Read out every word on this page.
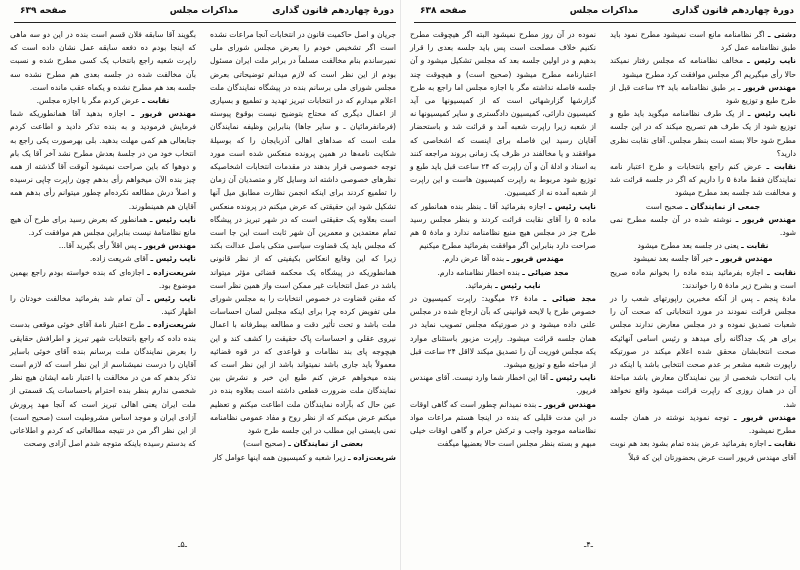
دورهٔ چهاردهم قانون گذاری
مذاکرات مجلس
صفحه ۶۳۹

جریان و اصل حاکمیت قانون در انتخابات آنجا مراعات نشده است اگر تشخیص خودم را بعرض مجلس شورای ملی نمیرساندم بنام مخالفت مسلماً در برابر ملت ایران مسئول بودم از این نظر است که لازم میدانم توضیحاتی بعرض مجلس شورای ملی برسانم بنده در پیشگاه نمایندگان ملت اعلام میدارم که در انتخابات تبریز تهدید و تطمیع و بسیاری از اعمال دیگری که محتاج بتوضیح نیست بوقوع پیوسته (فرمانفرمائیان ـ و سایر جاها) بنابراین وظیفه نمایندگان ملت است که صداهای اهالی آذربایجان را که بوسیلهٔ شکایت نامه‌ها در همین پرونده منعکس شده است مورد توجه خصوصی قرار بدهند در مقدمات انتخابات اشخاصیکه نظرهای خصوصی داشته اند وسایل کار و متصدیان آن زمان را تطمیع کردند برای اینکه انجمن نظارت مطابق میل آنها تشکیل شود این حقیقتی که عرض میکنم در پرونده منعکس است بعلاوه یک حقیقتی است که در شهر تبریز در پیشگاه تمام معتمدین و معمرین آن شهر ثابت است این جا است که مجلس باید یک قضاوت سیاسی متکی باصل عدالت بکند زیرا که این وقایع انعکاس بکیفیتی که از نظر قانونی همانطوریکه در پیشگاه یک محکمه قضائی مؤثر میتواند باشد در عمل انتخابات غیر ممکن است واز همین نظر است که مقنن قضاوت در خصوص انتخابات را به مجلس شورای ملی تفویض کرده چرا برای اینکه مجلس لسان احساسات ملت باشد و تحت تأثیر دقت و مطالعه بیطرفانه با اعمال نیروی عقلی و احساسات پاک حقیقت را کشف کند و این هیچوجه پای بند نظامات و قواعدی که در قوه قضائیه معمولاً باید جاری باشد نمیتواند باشد از این نظر است که بنده میخواهم عرض کنم طبع این خبر و نشرش بین نمایندگان ملت ضرورت قطعی داشته است بعلاوه بنده در عین حال که بآراده نمایندگان ملت اطاعت میکنم و تعظیم میکنم عرض میکنم که از نظر روح و مفاد عمومی نظامنامه نمی بایستی این مطلب در این جلسه طرح شود

بعضی از نمایندگان ـ (صحیح است)

شریعت‌زاده ـ زیرا شعبه و کمیسیون همه اینها عوامل کار

بگویند آقا سابقه فلان قسم است بنده در این دو سه ماهی که اینجا بودم ده دفعه سابقه عمل نشان داده است که راپرت شعبه راجع بانتخاب یک کسی مطرح شده و نسبت بآن مخالفت شده در جلسه بعدی هم مطرح نشده سه جلسه بعد هم مطرح نشده و یکماه عقب مانده است.

نقابت ـ عرض کردم مگر با اجازه مجلس.

مهندس فریور ـ اجازه بدهید آقا همانطوریکه شما فرمایش فرمودید و به بنده تذکر دادید و اطاعت کردم جنابعالی هم کمی مهلت بدهید. بلی بهرصورت یکی راجع به انتخاب خود من در جلسهٔ بعدش مطرح نشد آخر آقا یک بام و دوهوا که باین صراحت نمیشود آنوقت آقا گذشته از همه چیز بنده الآن میخواهم رأی بدهم چون راپرت چاپی نرسیده و اصلاً درش مطالعه نکرده‌ام چطور میتوانم رأی بدهم همه آقایان هم همینطورند.

نایب رئیس ـ همانطور که بعرض رسید برای طرح آن هیچ مانع نظامنامهٔ نیست بنابراین مجلس هم موافقت کرد.

مهندس فریور ـ پس اقلاً رأی بگیرید آقا...

نایب رئیس ـ آقای شریعت زاده.

شریعت‌زاده ـ اجازه‌ای که بنده خواسته بودم راجع بهمین موضوع بود.

نایب رئیس ـ آن تمام شد بفرمائید مخالفت خودتان را اظهار کنید.

شریعت‌زاده ـ طرح اعتبار نامهٔ آقای خوئی موقعی بدست بنده داده که راجع بانتخابات شهر تبریز و اطرافش حقایقی را بعرض نمایندگان ملت برسانم بنده آقای خوئی باسایر آقایان را درست نمیشناسم از این نظر است که لازم است تذکر بدهم که من در مخالفت با اعتبار نامه ایشان هیچ نظر شخصی ندارم بنظر بنده احترام باحساسات یک قسمتی از ملت ایران یعنی اهالی تبریز است که آنجا مهد پرورش آزادی ایران و موجد اساس مشروطیت است (صحیح است) از این نظر اگر من در نتیجه مطالعاتی که کردم و اطلاعاتی که بدستم رسیده باینکه متوجه شدم اصل آزادی وصحت

ـ۵ـ
دورهٔ چهاردهم قانون گذاری
مذاکرات مجلس
صفحه ۶۳۸

دشتی ـ اگر نظامنامه مانع است نمیشود مطرح نمود باید طبق نظامنامه عمل کرد

نایب رئیس ـ مخالف نظامنامه که مجلس رفتار نمیکند حالا رأی میگیریم اگر مجلس موافقت کرد مطرح میشود

مهندس فریور ـ بر طبق نظامنامه باید ۲۴ ساعت قبل از طرح طبع و توزیع شود

نایب رئیس ـ از یک طرف نظامنامه میگوید باید طبع و توزیع شود از یک طرف هم تصریح میکند که در این جلسه مطرح شود حالا بسته است بنظر مجلس. آقای نقابت نظری دارید؟

نقابت ـ عرض کنم راجع بانتخابات و طرح اعتبار نامه نمایندگان فقط مادهٔ ۵ را داریم که اگر در جلسه قرائت شد و مخالفت شد جلسه بعد مطرح میشود

جمعی از نمایندگان ـ صحیح است

مهندس فریور ـ نوشته شده در آن جلسه مطرح نمی شود.

نقابت ـ یعنی در جلسه بعد مطرح میشود

مهندس فریور ـ خیر آقا جلسه بعد نمیشود

نقابت ـ اجازه بفرمائید بنده ماده را بخوانم ماده صریح است و بشرح زیر مادهٔ ۵ را خواندند:

مادهٔ پنجم ـ پس از آنکه مخبرین راپورتهای شعب را در مجلس قرائت نمودند در مورد انتخاباتی که صحت آن را شعبات تصدیق نموده و در مجلس معارض ندارند مجلس برای هر یک جداگانه رأی میدهد و رئیس اسامی آنهائیکه صحت انتخابشان محقق شده اعلام میکند در صورتیکه راپورت شعبه مشعر بر عدم صحت انتخابی باشد یا اینکه در باب انتخاب شخصی از بین نمایندگان معارض باشد مباحثهٔ آن در همان روزی که راپرت قرائت میشود واقع نخواهد شد.

مهندس فریور ـ توجه نمودید نوشته در همان جلسه مطرح نمیشود.

نقابت ـ اجازه بفرمائید عرض بنده تمام بشود بعد هم نوبت آقای مهندس فریور است عرض بحضورتان این که قبلاً

نموده در آن روز مطرح نمیشود البته اگر هیچوقت مطرح نکنیم خلاف مصلحت است پس باید جلسه بعدی را قرار بدهیم و در اولین جلسه بعد که مجلس تشکیل میشود و آن اعتبارنامه مطرح میشود (صحیح است) و هیچوقت چند جلسه فاصله نداشته مگر با اجازه مجلس اما راجع به طرح گزارشها گزارشهائی است که از کمیسیونها می آید کمیسیون دارائی، کمیسیون دادگستری و سایر کمیسیونها نه از شعبه زیرا راپرت شعبه آمد و قرائت شد و باستحضار آقایان رسید این فاصله برای اینست که اشخاصی که موافقند و یا مخالفند در ظرف یک زمانی بروند مراجعه کنند به اسناد و ادلهٔ آن و آن راپرت که ۲۴ ساعت قبل باید طبع و توزیع شود مربوط به راپرت کمیسیون هاست و این راپرت از شعبه آمده نه از کمیسیون.

نایب رئیس ـ اجازه بفرمائید آقا ـ بنظر بنده همانطور که ماده ۵ را آقای نقابت قرائت کردند و بنظر مجلس رسید طرح جز در مجلس هیچ منبع نظامنامه ندارد و مادهٔ ۵ هم صراحت دارد بنابراین اگر موافقت بفرمائید مطرح میکنیم

مهندس فریور ـ بنده آقا عرض دارم.

مجد ضیائی ـ بنده اخطار نظامنامه دارم.

نایب رئیس ـ بفرمائید.

مجد ضیائی ـ مادهٔ ۲۶ میگوید: راپرت کمیسیون در خصوص طرح یا لایحه قوانینی که بآن ارجاع شده در مجلس علنی داده میشود و در صورتیکه مجلس تصویب نماید در همان جلسه قرائت میشود. راپرت مزبور باستثنای موارد یکه مجلس فوریت آن را تصدیق میکند لااقل ۲۴ ساعت قبل از مباحثه طبع و توزیع میشود.

نایب رئیس ـ آقا این اخطار شما وارد نیست. آقای مهندس فریور.

مهندس فریور ـ بنده نمیدانم چطور است که گاهی اوقات در این مدت قلیلی که بنده در اینجا هستم مراعات مواد نظامنامه موجود واجب و ترکش حرام و گاهی اوقات خیلی مبهم و بسته بنظر مجلس است حالا بعضیها میگفت

ـ۴ـ
